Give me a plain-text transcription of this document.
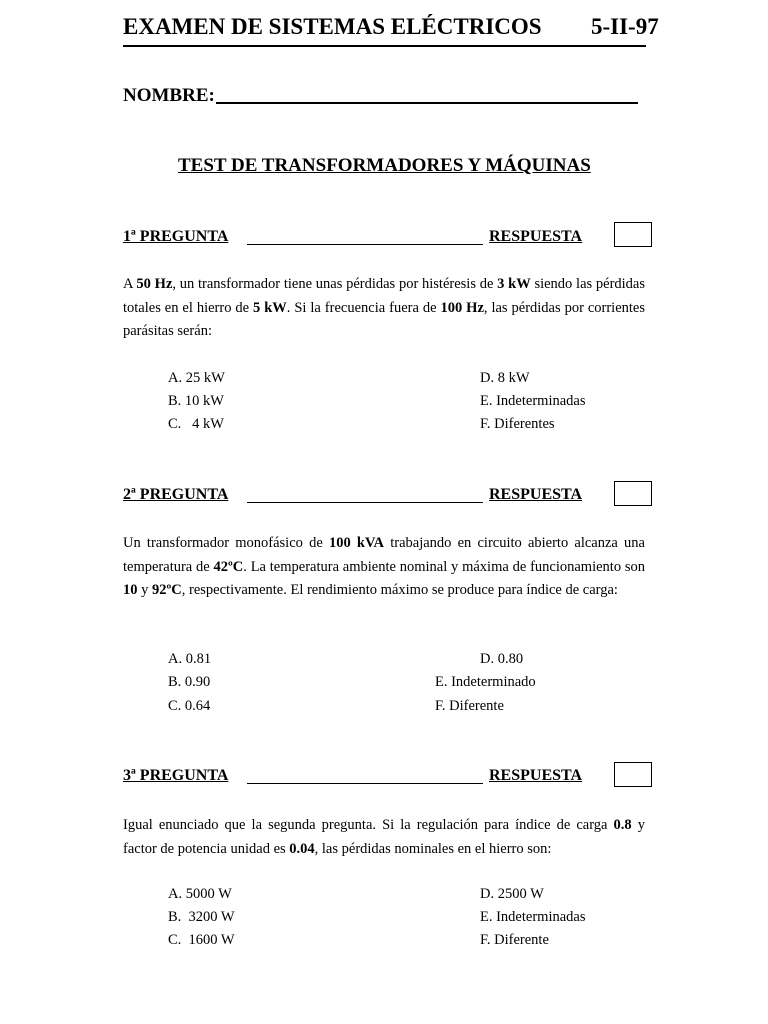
EXAMEN DE SISTEMAS ELÉCTRICOS 5-II-97
NOMBRE:
TEST DE TRANSFORMADORES Y MÁQUINAS
1ª PREGUNTA	RESPUESTA
A 50 Hz, un transformador tiene unas pérdidas por histéresis de 3 kW siendo las pérdidas totales en el hierro de 5 kW. Si la frecuencia fuera de 100 Hz, las pérdidas por corrientes parásitas serán:
A. 25 kW
B. 10 kW
C.   4 kW
D. 8 kW
E. Indeterminadas
F. Diferentes
2ª PREGUNTA	RESPUESTA
Un transformador monofásico de 100 kVA trabajando en circuito abierto alcanza una temperatura de 42ºC. La temperatura ambiente nominal y máxima de funcionamiento son 10 y 92ºC, respectivamente. El rendimiento máximo se produce para índice de carga:
A. 0.81
B. 0.90
C. 0.64
D. 0.80
E. Indeterminado
F. Diferente
3ª PREGUNTA	RESPUESTA
Igual enunciado que la segunda pregunta. Si la regulación para índice de carga 0.8 y factor de potencia unidad es 0.04, las pérdidas nominales en el hierro son:
A. 5000 W
B.  3200 W
C.  1600 W
D. 2500 W
E. Indeterminadas
F. Diferente
